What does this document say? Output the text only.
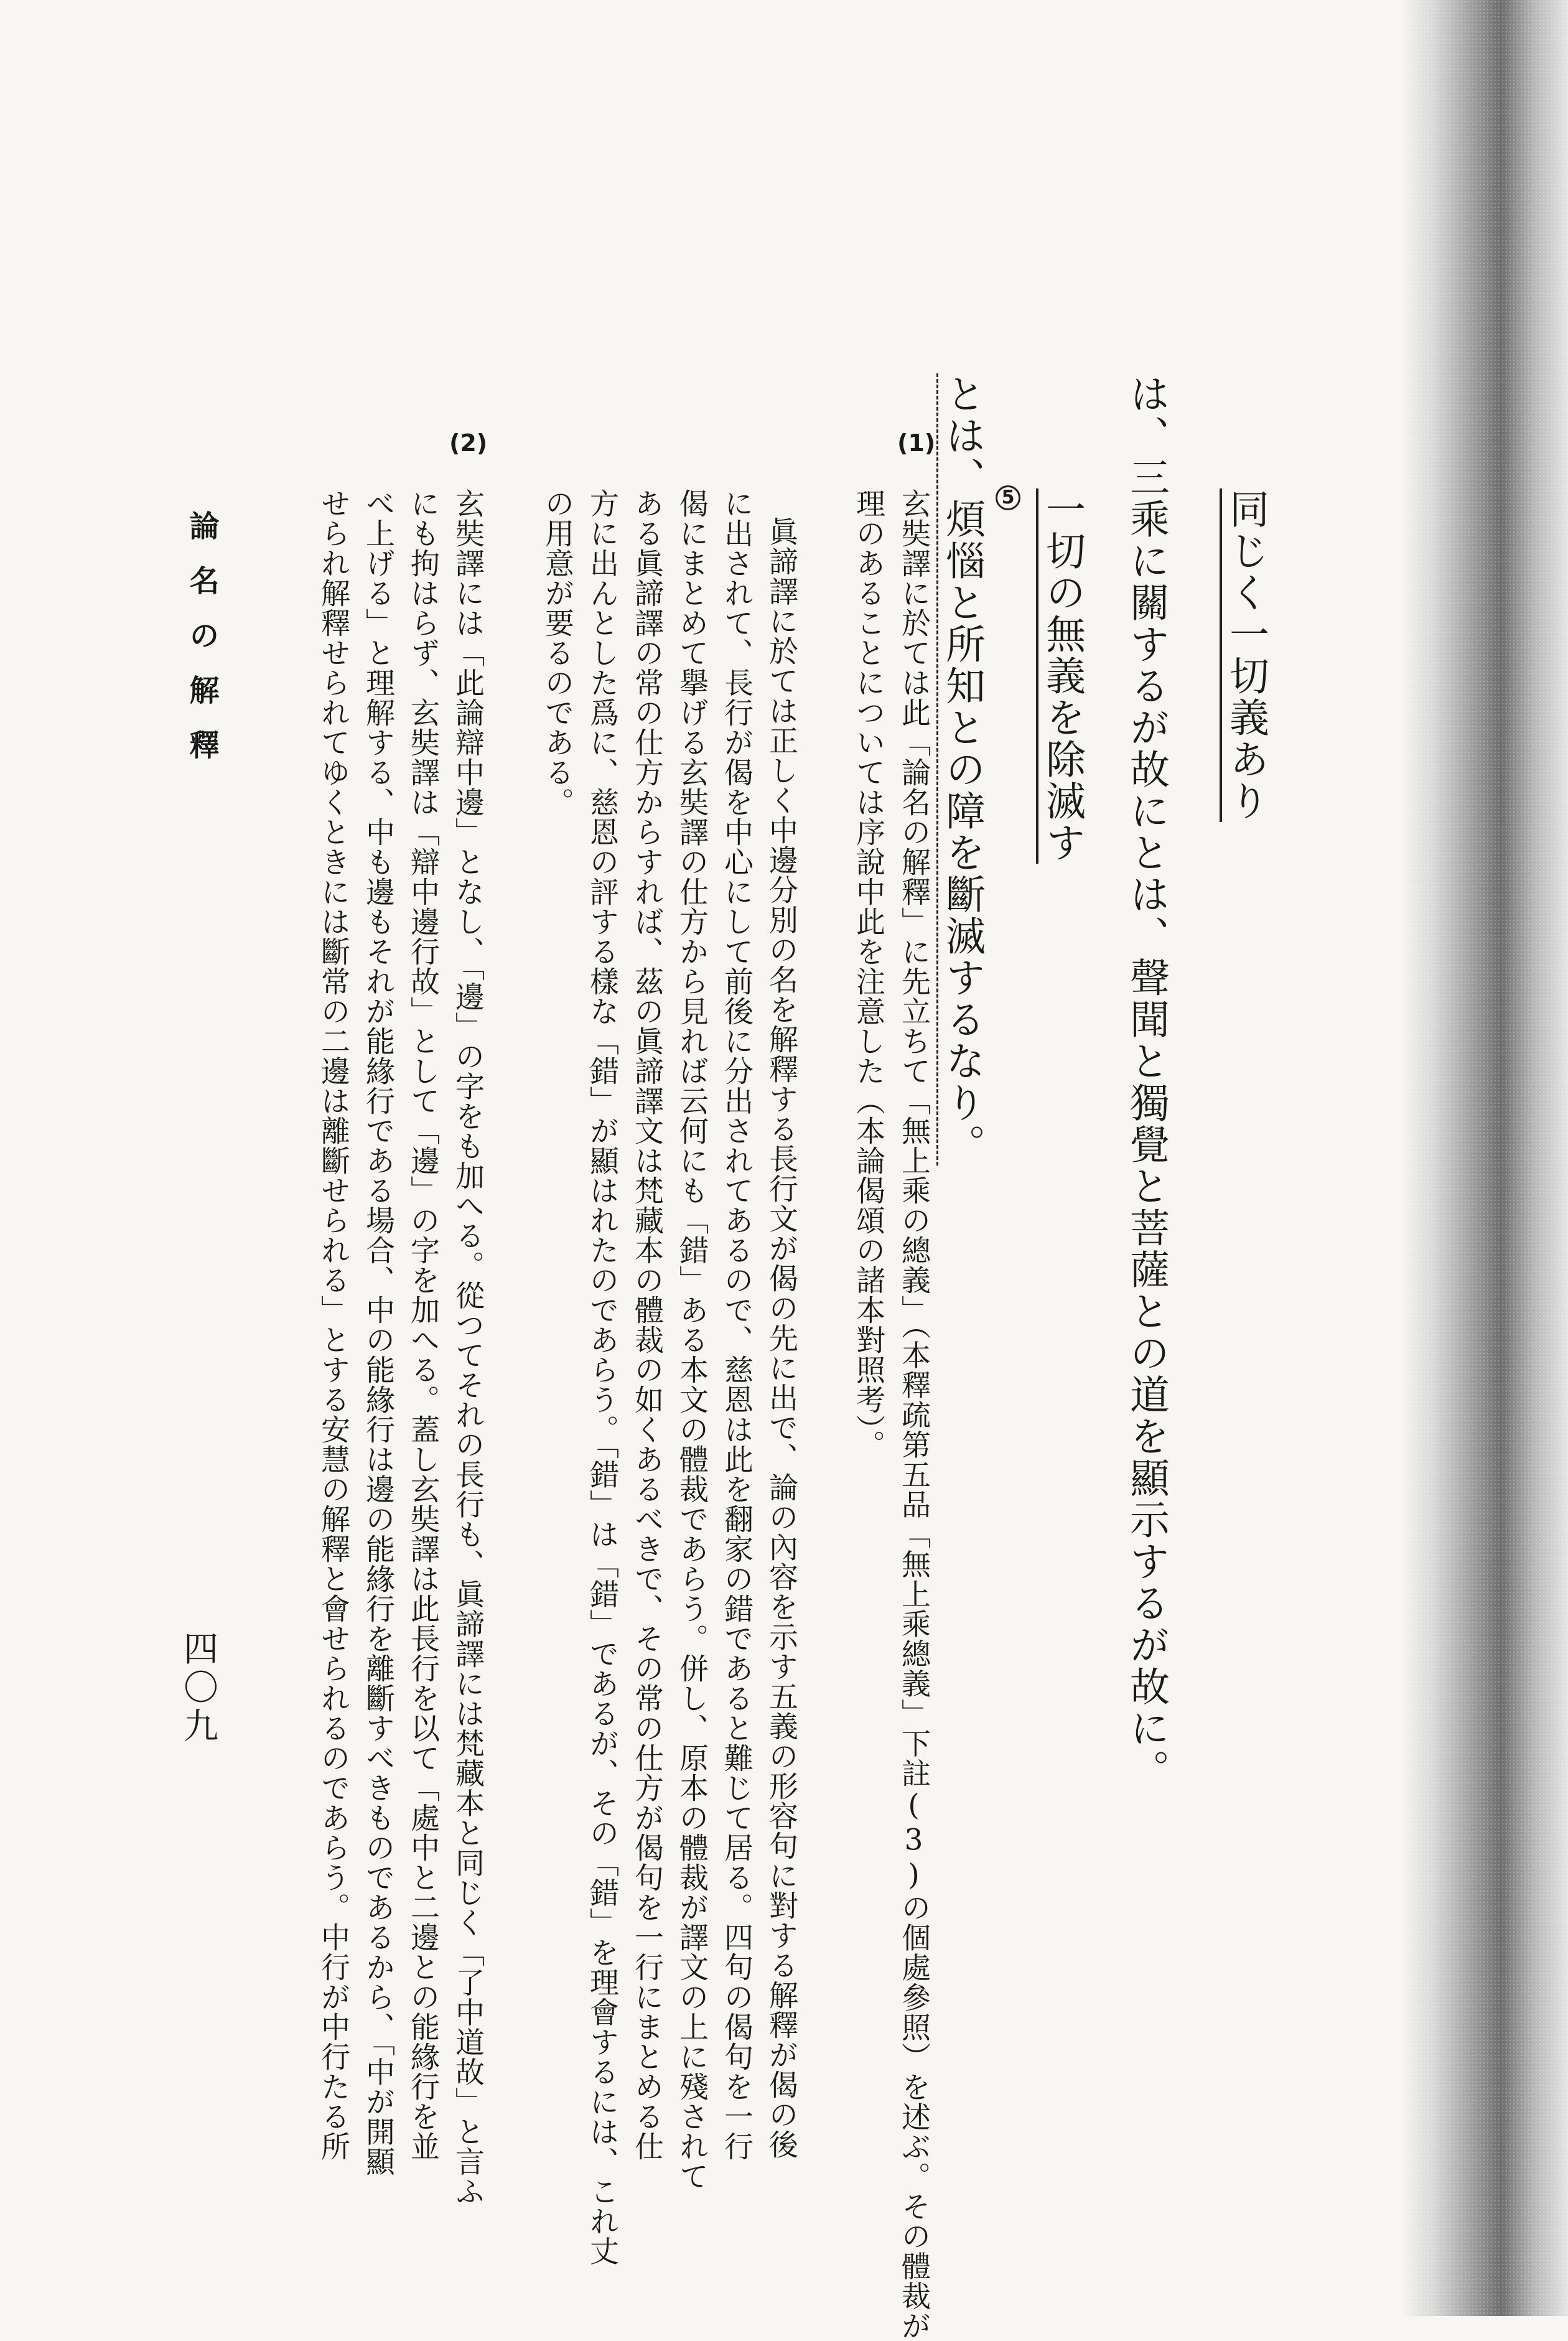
同じく一切義あり
は、三乘に關するが故にとは、聲聞と獨覺と菩薩との道を顯示するが故に。
一切の無義を除滅す
5
とは、煩惱と所知との障を斷滅するなり。
(1)
玄奘譯に於ては此「論名の解釋」に先立ちて「無上乘の總義」（本釋疏第五品「無上乘總義」下註(3)の個處參照）を述ぶ。その體裁が
理のあることについては序說中此を注意した（本論偈頌の諸本對照考）。
眞諦譯に於ては正しく中邊分別の名を解釋する長行文が偈の先に出で、論の內容を示す五義の形容句に對する解釋が偈の後
に出されて、長行が偈を中心にして前後に分出されてあるので、慈恩は此を翻家の錯であると難じて居る。四句の偈句を一行
偈にまとめて擧げる玄奘譯の仕方から見れば云何にも「錯」ある本文の體裁であらう。併し、原本の體裁が譯文の上に殘されて
ある眞諦譯の常の仕方からすれば、茲の眞諦譯文は梵藏本の體裁の如くあるべきで、その常の仕方が偈句を一行にまとめる仕
方に出んとした爲に、慈恩の評する樣な「錯」が顯はれたのであらう。「錯」は「錯」であるが、その「錯」を理會するには、これ丈
の用意が要るのである。
(2)
玄奘譯には「此論辯中邊」となし、「邊」の字をも加へる。從つてそれの長行も、眞諦譯には梵藏本と同じく「了中道故」と言ふ
にも拘はらず、玄奘譯は「辯中邊行故」として「邊」の字を加へる。蓋し玄奘譯は此長行を以て「處中と二邊との能緣行を並
べ上げる」と理解する、中も邊もそれが能緣行である場合、中の能緣行は邊の能緣行を離斷すべきものであるから、「中が開顯
せられ解釋せられてゆくときには斷常の二邊は離斷せられる」とする安慧の解釋と會せられるのであらう。中行が中行たる所
論名の解釋
四〇九
